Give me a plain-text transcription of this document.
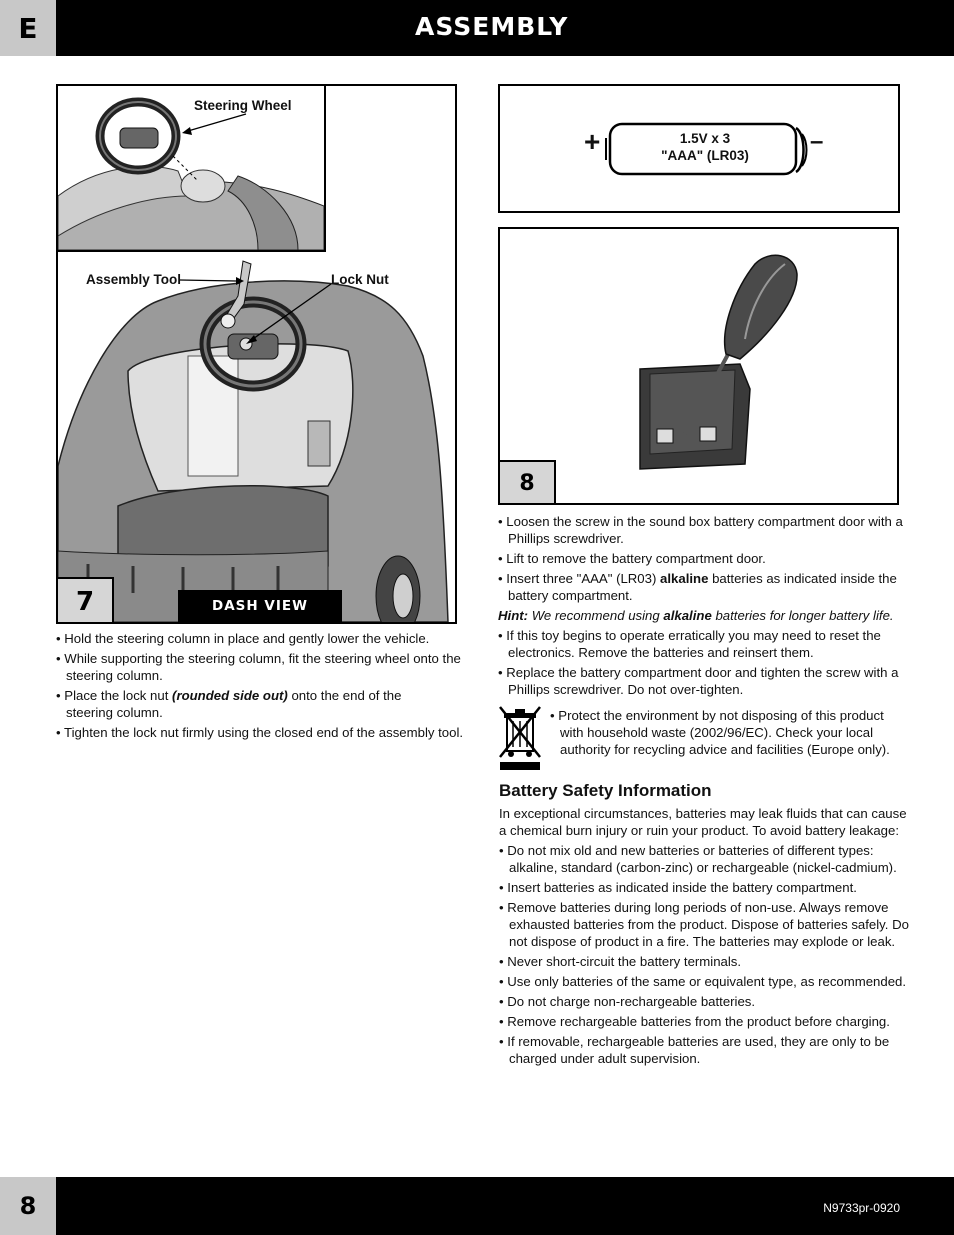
E	ASSEMBLY
Steering Wheel
Assembly Tool	Lock Nut
7	DASH VIEW
+	1.5V x 3
"AAA" (LR03)
–
8

• Hold the steering column in place and gently lower the vehicle.

• While supporting the steering column, fit the steering wheel onto the steering column.

• Place the lock nut (rounded side out) onto the end of the
steering column.

• Tighten the lock nut firmly using the closed end of the assembly tool.

• Loosen the screw in the sound box battery compartment door with a Phillips screwdriver.

• Lift to remove the battery compartment door.

• Insert three "AAA" (LR03) alkaline batteries as indicated inside the battery compartment.

Hint: We recommend using alkaline batteries for longer battery life.

• If this toy begins to operate erratically you may need to reset the electronics. Remove the batteries and reinsert them.

• Replace the battery compartment door and tighten the screw with a Phillips screwdriver. Do not over-tighten.

• Protect the environment by not disposing of this product with household waste (2002/96/EC). Check your local authority for recycling advice and facilities (Europe only).

Battery Safety Information

In exceptional circumstances, batteries may leak fluids that can cause a chemical burn injury or ruin your product. To avoid battery leakage:

• Do not mix old and new batteries or batteries of different types: alkaline, standard (carbon-zinc) or rechargeable (nickel-cadmium).

• Insert batteries as indicated inside the battery compartment.

• Remove batteries during long periods of non-use. Always remove exhausted batteries from the product. Dispose of batteries safely. Do not dispose of product in a fire. The batteries may explode or leak.

• Never short-circuit the battery terminals.

• Use only batteries of the same or equivalent type, as recommended.

• Do not charge non-rechargeable batteries.

• Remove rechargeable batteries from the product before charging.

• If removable, rechargeable batteries are used, they are only to be charged under adult supervision.

8	N9733pr-0920
